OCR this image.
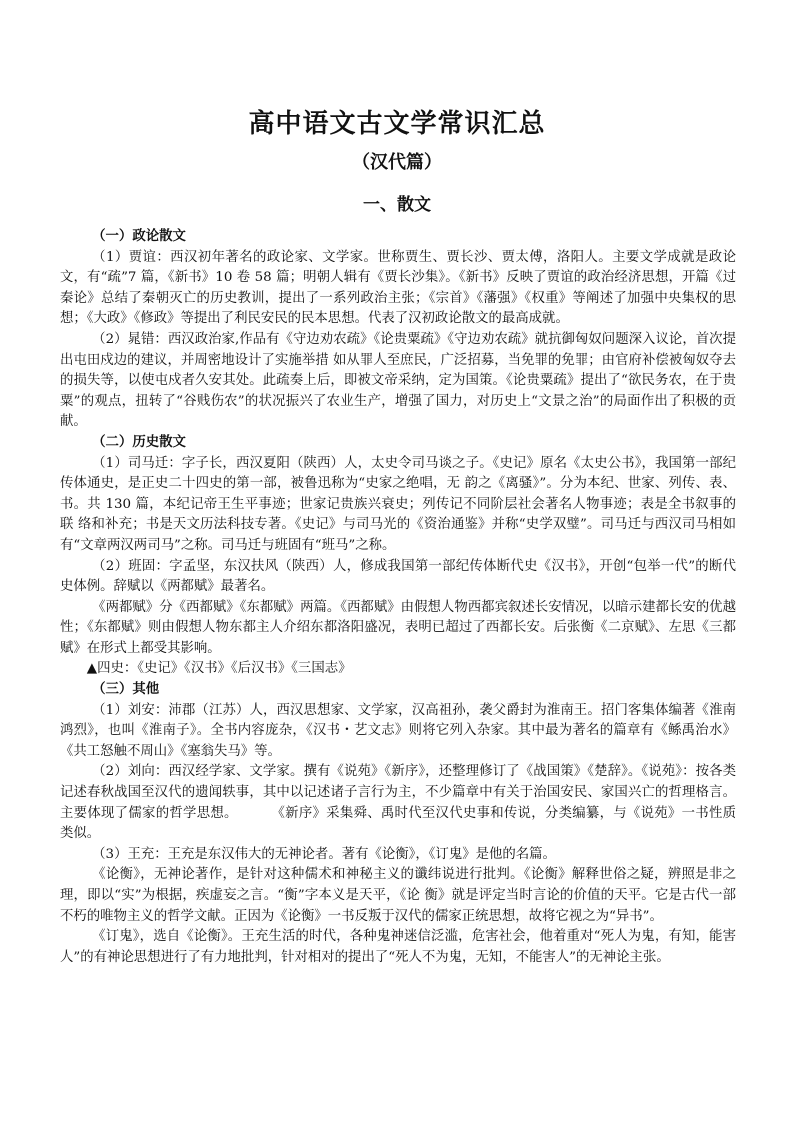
高中语文古文学常识汇总
（汉代篇）
一、散文

（一）政论散文

（1）贾谊：西汉初年著名的政论家、文学家。世称贾生、贾长沙、贾太傅，洛阳人。主要文学成就是政论文，有“疏”7 篇，《新书》10 卷 58 篇；明朝人辑有《贾长沙集》。《新书》反映了贾谊的政治经济思想，开篇《过秦论》总结了秦朝灭亡的历史教训，提出了一系列政治主张；《宗首》《藩强》《权重》等阐述了加强中央集权的思想；《大政》《修政》等提出了利民安民的民本思想。代表了汉初政论散文的最高成就。

（2）晁错：西汉政治家,作品有《守边劝农疏》《论贵粟疏》《守边劝农疏》就抗御匈奴问题深入议论，首次提出屯田戍边的建议，并周密地设计了实施举措 如从罪人至庶民，广泛招募，当免罪的免罪；由官府补偿被匈奴夺去的损失等，以使屯戍者久安其处。此疏奏上后，即被文帝采纳，定为国策。《论贵粟疏》提出了“欲民务农，在于贵粟”的观点，扭转了“谷贱伤农”的状况振兴了农业生产，增强了国力，对历史上“文景之治”的局面作出了积极的贡献。

（二）历史散文

（1）司马迁：字子长，西汉夏阳（陕西）人，太史令司马谈之子。《史记》原名《太史公书》，我国第一部纪传体通史，是正史二十四史的第一部，被鲁迅称为“史家之绝唱，无 韵之《离骚》”。分为本纪、世家、列传、表、书。共 130 篇，本纪记帝王生平事迹；世家记贵族兴衰史；列传记不同阶层社会著名人物事迹；表是全书叙事的联 络和补充；书是天文历法科技专著。《史记》与司马光的《资治通鉴》并称“史学双璧”。司马迁与西汉司马相如有“文章两汉两司马”之称。司马迁与班固有“班马”之称。

（2）班固：字孟坚，东汉扶风（陕西）人，修成我国第一部纪传体断代史《汉书》，开创“包举一代”的断代史体例。辞赋以《两都赋》最著名。

《两都赋》分《西都赋》《东都赋》两篇。《西都赋》由假想人物西都宾叙述长安情况，以暗示建都长安的优越性；《东都赋》则由假想人物东都主人介绍东都洛阳盛况，表明已超过了西都长安。后张衡《二京赋》、左思《三都赋》在形式上都受其影响。

▲四史：《史记》《汉书》《后汉书》《三国志》

（三）其他

（1）刘安：沛郡（江苏）人，西汉思想家、文学家，汉高祖孙，袭父爵封为淮南王。招门客集体编著《淮南鸿烈》，也叫《淮南子》。全书内容庞杂，《汉书・艺文志》则将它列入杂家。其中最为著名的篇章有《鲧禹治水》《共工怒触不周山》《塞翁失马》等。

（2）刘向：西汉经学家、文学家。撰有《说苑》《新序》，还整理修订了《战国策》《楚辞》。《说苑》：按各类记述春秋战国至汉代的遗闻轶事，其中以记述诸子言行为主，不少篇章中有关于治国安民、家国兴亡的哲理格言。主要体现了儒家的哲学思想。	《新序》采集舜、禹时代至汉代史事和传说，分类编纂，与《说苑》一书性质类似。

（3）王充：王充是东汉伟大的无神论者。著有《论衡》，《订鬼》是他的名篇。

《论衡》，无神论著作，是针对这种儒术和神秘主义的谶纬说进行批判。《论衡》解释世俗之疑，辨照是非之理，即以“实”为根据，疾虚妄之言。“衡”字本义是天平，《论 衡》就是评定当时言论的价值的天平。它是古代一部不朽的唯物主义的哲学文献。正因为《论衡》一书反叛于汉代的儒家正统思想，故将它视之为“异书”。

《订鬼》，选自《论衡》。王充生活的时代，各种鬼神迷信泛滥，危害社会，他着重对“死人为鬼，有知，能害人”的有神论思想进行了有力地批判，针对相对的提出了“死人不为鬼，无知，不能害人”的无神论主张。
